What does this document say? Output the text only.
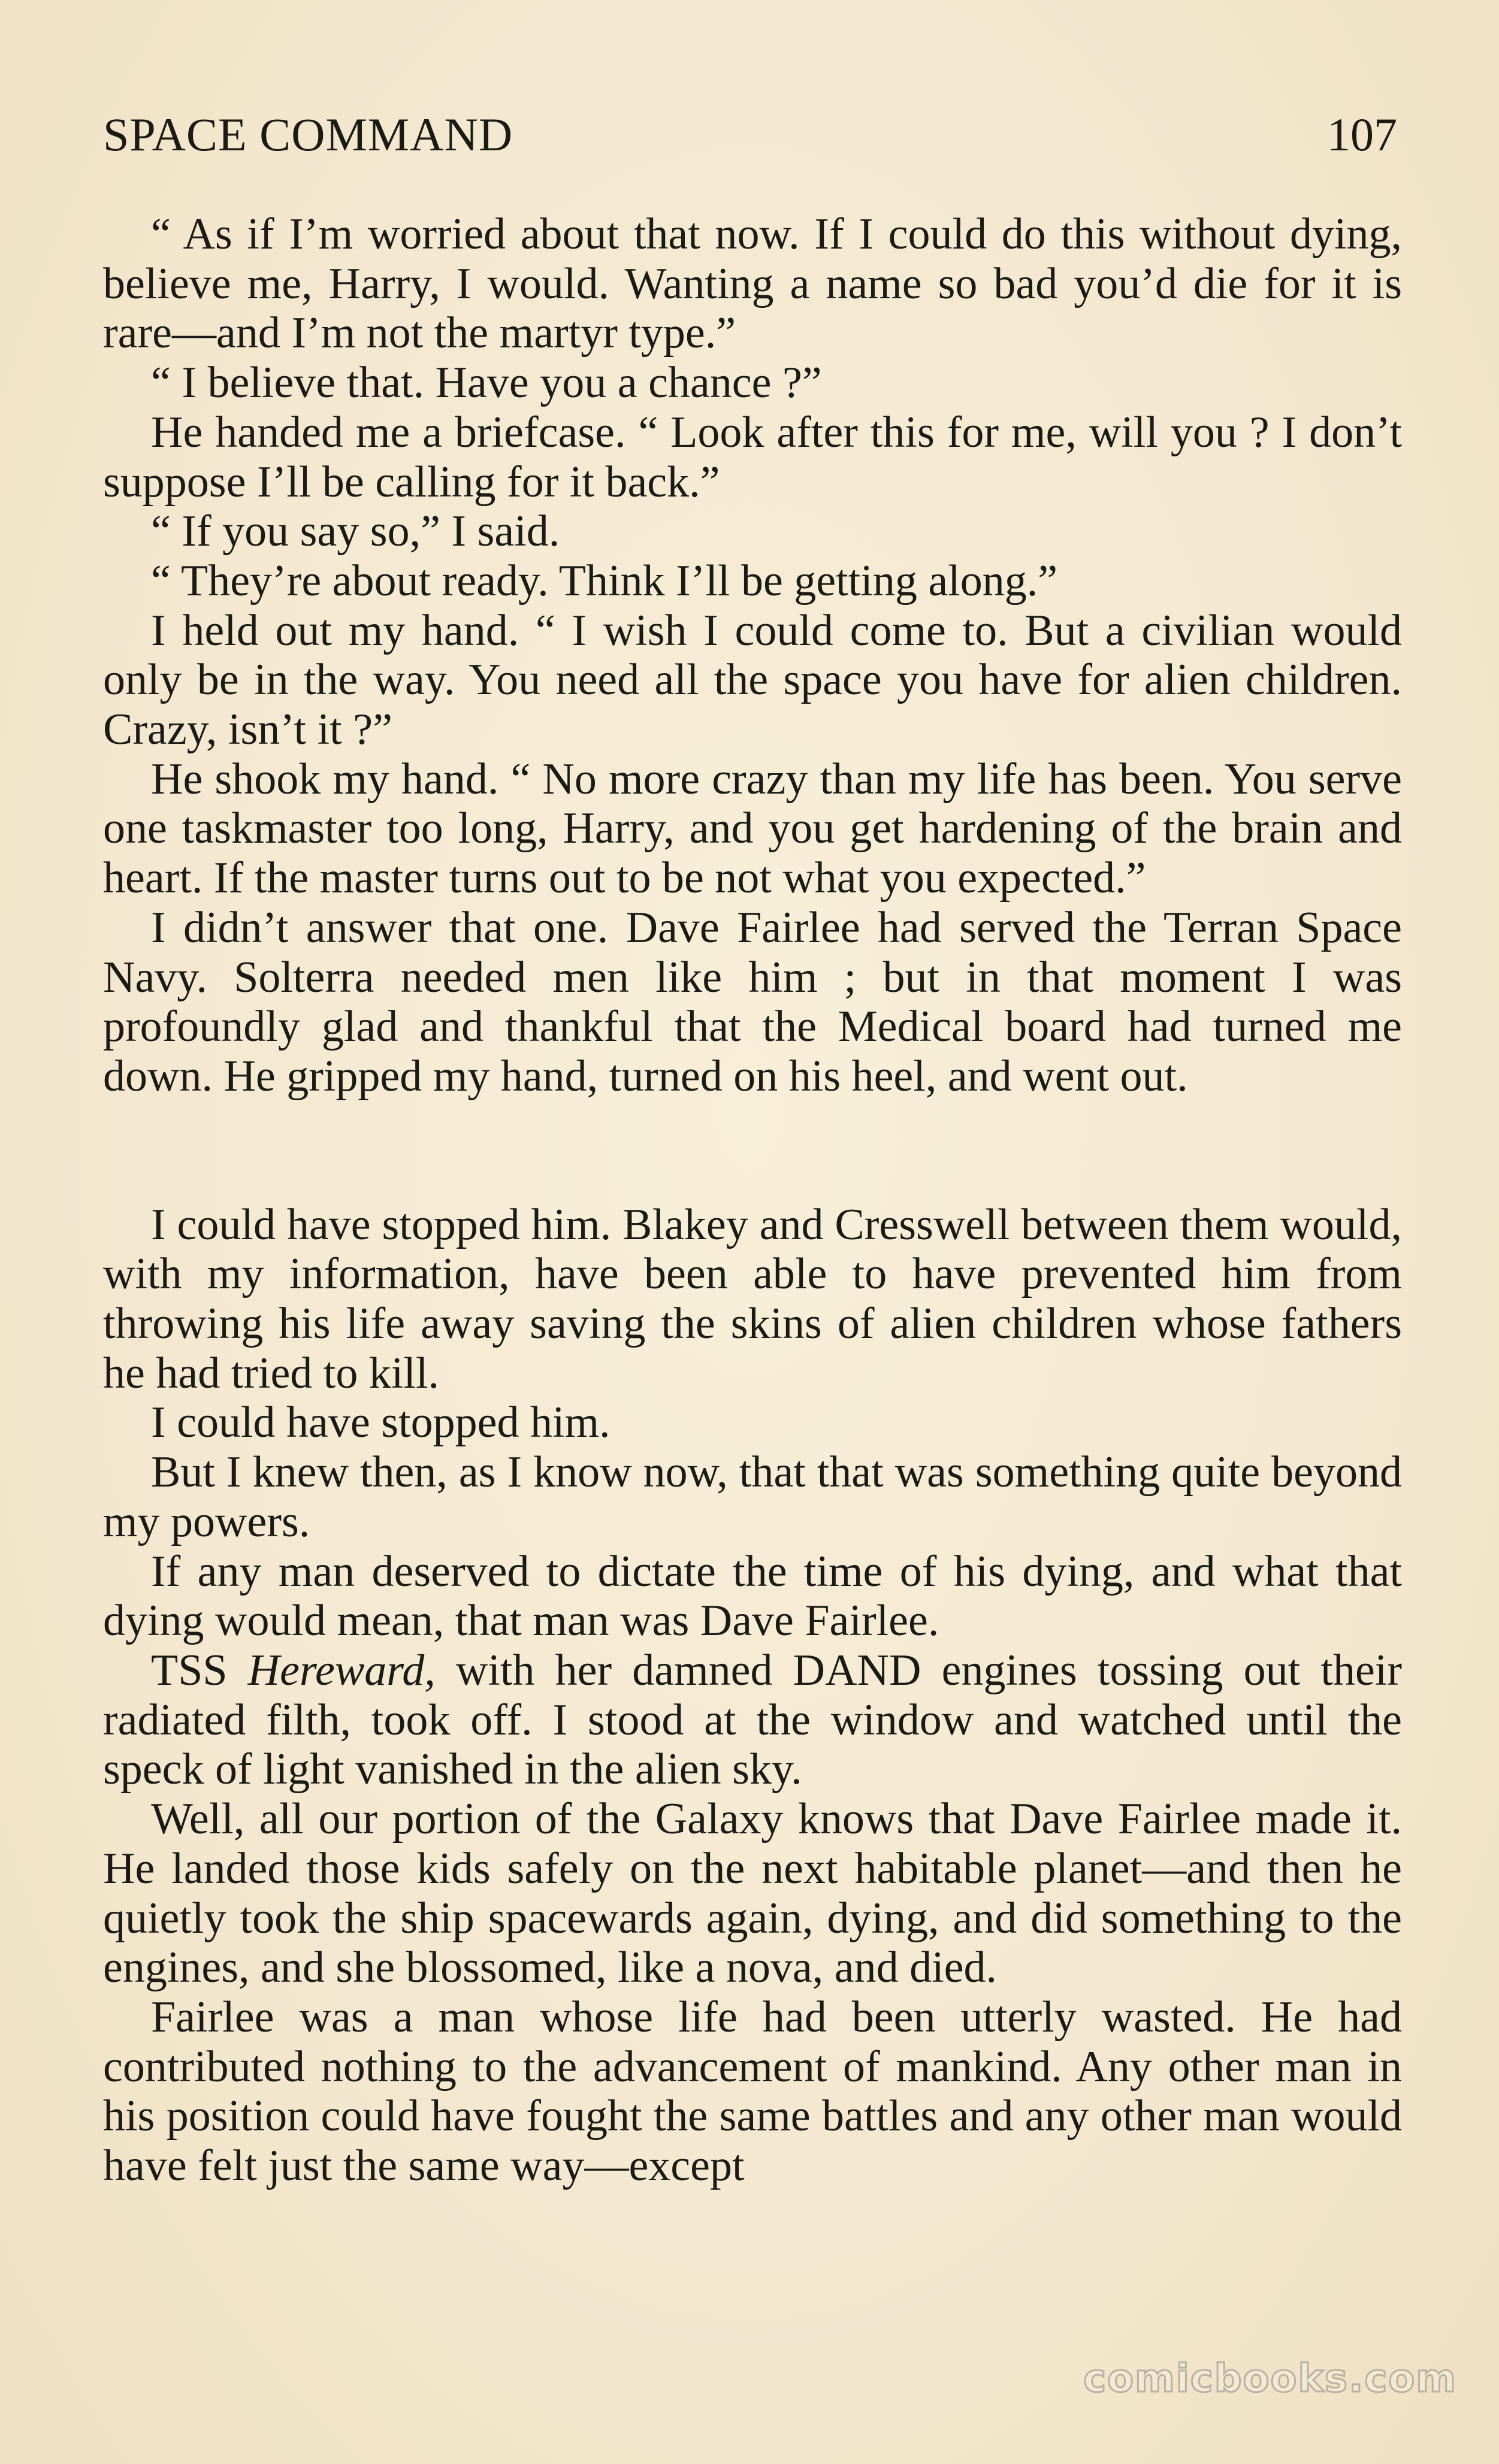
SPACE COMMAND	107

“ As if I’m worried about that now. If I could do this without dying, believe me, Harry, I would. Wanting a name so bad you’d die for it is rare—and I’m not the martyr type.”

“ I believe that. Have you a chance ?”

He handed me a briefcase. “ Look after this for me, will you ? I don’t suppose I’ll be calling for it back.”

“ If you say so,” I said.

“ They’re about ready. Think I’ll be getting along.”

I held out my hand. “ I wish I could come to. But a civilian would only be in the way. You need all the space you have for alien children. Crazy, isn’t it ?”

He shook my hand. “ No more crazy than my life has been. You serve one taskmaster too long, Harry, and you get hardening of the brain and heart. If the master turns out to be not what you expected.”

I didn’t answer that one. Dave Fairlee had served the Terran Space Navy. Solterra needed men like him ; but in that moment I was profoundly glad and thankful that the Medical board had turned me down. He gripped my hand, turned on his heel, and went out.

I could have stopped him. Blakey and Cresswell between them would, with my information, have been able to have prevented him from throwing his life away saving the skins of alien children whose fathers he had tried to kill.

I could have stopped him.

But I knew then, as I know now, that that was something quite beyond my powers.

If any man deserved to dictate the time of his dying, and what that dying would mean, that man was Dave Fairlee.

TSS Hereward, with her damned DAND engines tossing out their radiated filth, took off. I stood at the window and watched until the speck of light vanished in the alien sky.

Well, all our portion of the Galaxy knows that Dave Fairlee made it. He landed those kids safely on the next habitable planet—and then he quietly took the ship spacewards again, dying, and did something to the engines, and she blossomed, like a nova, and died.

Fairlee was a man whose life had been utterly wasted. He had contributed nothing to the advancement of mankind. Any other man in his position could have fought the same battles and any other man would have felt just the same way—except

comicbooks.com
